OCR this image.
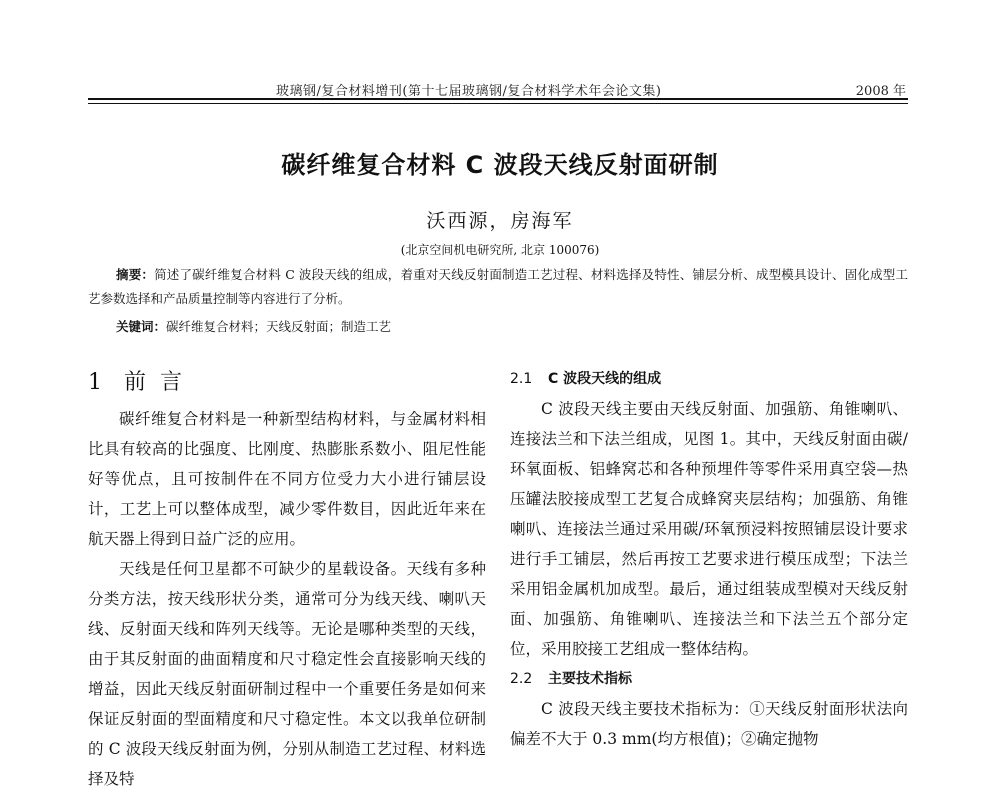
玻璃钢/复合材料增刊(第十七届玻璃钢/复合材料学术年会论文集)	2008 年
碳纤维复合材料 C 波段天线反射面研制
沃西源，房海军
(北京空间机电研究所, 北京 100076)
摘要：简述了碳纤维复合材料 C 波段天线的组成，着重对天线反射面制造工艺过程、材料选择及特性、铺层分析、成型模具设计、固化成型工艺参数选择和产品质量控制等内容进行了分析。
关键词：碳纤维复合材料；天线反射面；制造工艺
1 前言

碳纤维复合材料是一种新型结构材料，与金属材料相比具有较高的比强度、比刚度、热膨胀系数小、阻尼性能好等优点，且可按制件在不同方位受力大小进行铺层设计，工艺上可以整体成型，减少零件数目，因此近年来在航天器上得到日益广泛的应用。

天线是任何卫星都不可缺少的星载设备。天线有多种分类方法，按天线形状分类，通常可分为线天线、喇叭天线、反射面天线和阵列天线等。无论是哪种类型的天线，由于其反射面的曲面精度和尺寸稳定性会直接影响天线的增益，因此天线反射面研制过程中一个重要任务是如何来保证反射面的型面精度和尺寸稳定性。本文以我单位研制的 C 波段天线反射面为例，分别从制造工艺过程、材料选择及特

2.1 C 波段天线的组成

C 波段天线主要由天线反射面、加强筋、角锥喇叭、连接法兰和下法兰组成，见图 1。其中，天线反射面由碳/环氧面板、铝蜂窝芯和各种预埋件等零件采用真空袋—热压罐法胶接成型工艺复合成蜂窝夹层结构；加强筋、角锥喇叭、连接法兰通过采用碳/环氧预浸料按照铺层设计要求进行手工铺层，然后再按工艺要求进行模压成型；下法兰采用铝金属机加成型。最后，通过组装成型模对天线反射面、加强筋、角锥喇叭、连接法兰和下法兰五个部分定位，采用胶接工艺组成一整体结构。

2.2 主要技术指标

C 波段天线主要技术指标为：①天线反射面形状法向偏差不大于 0.3 mm(均方根值)；②确定抛物
